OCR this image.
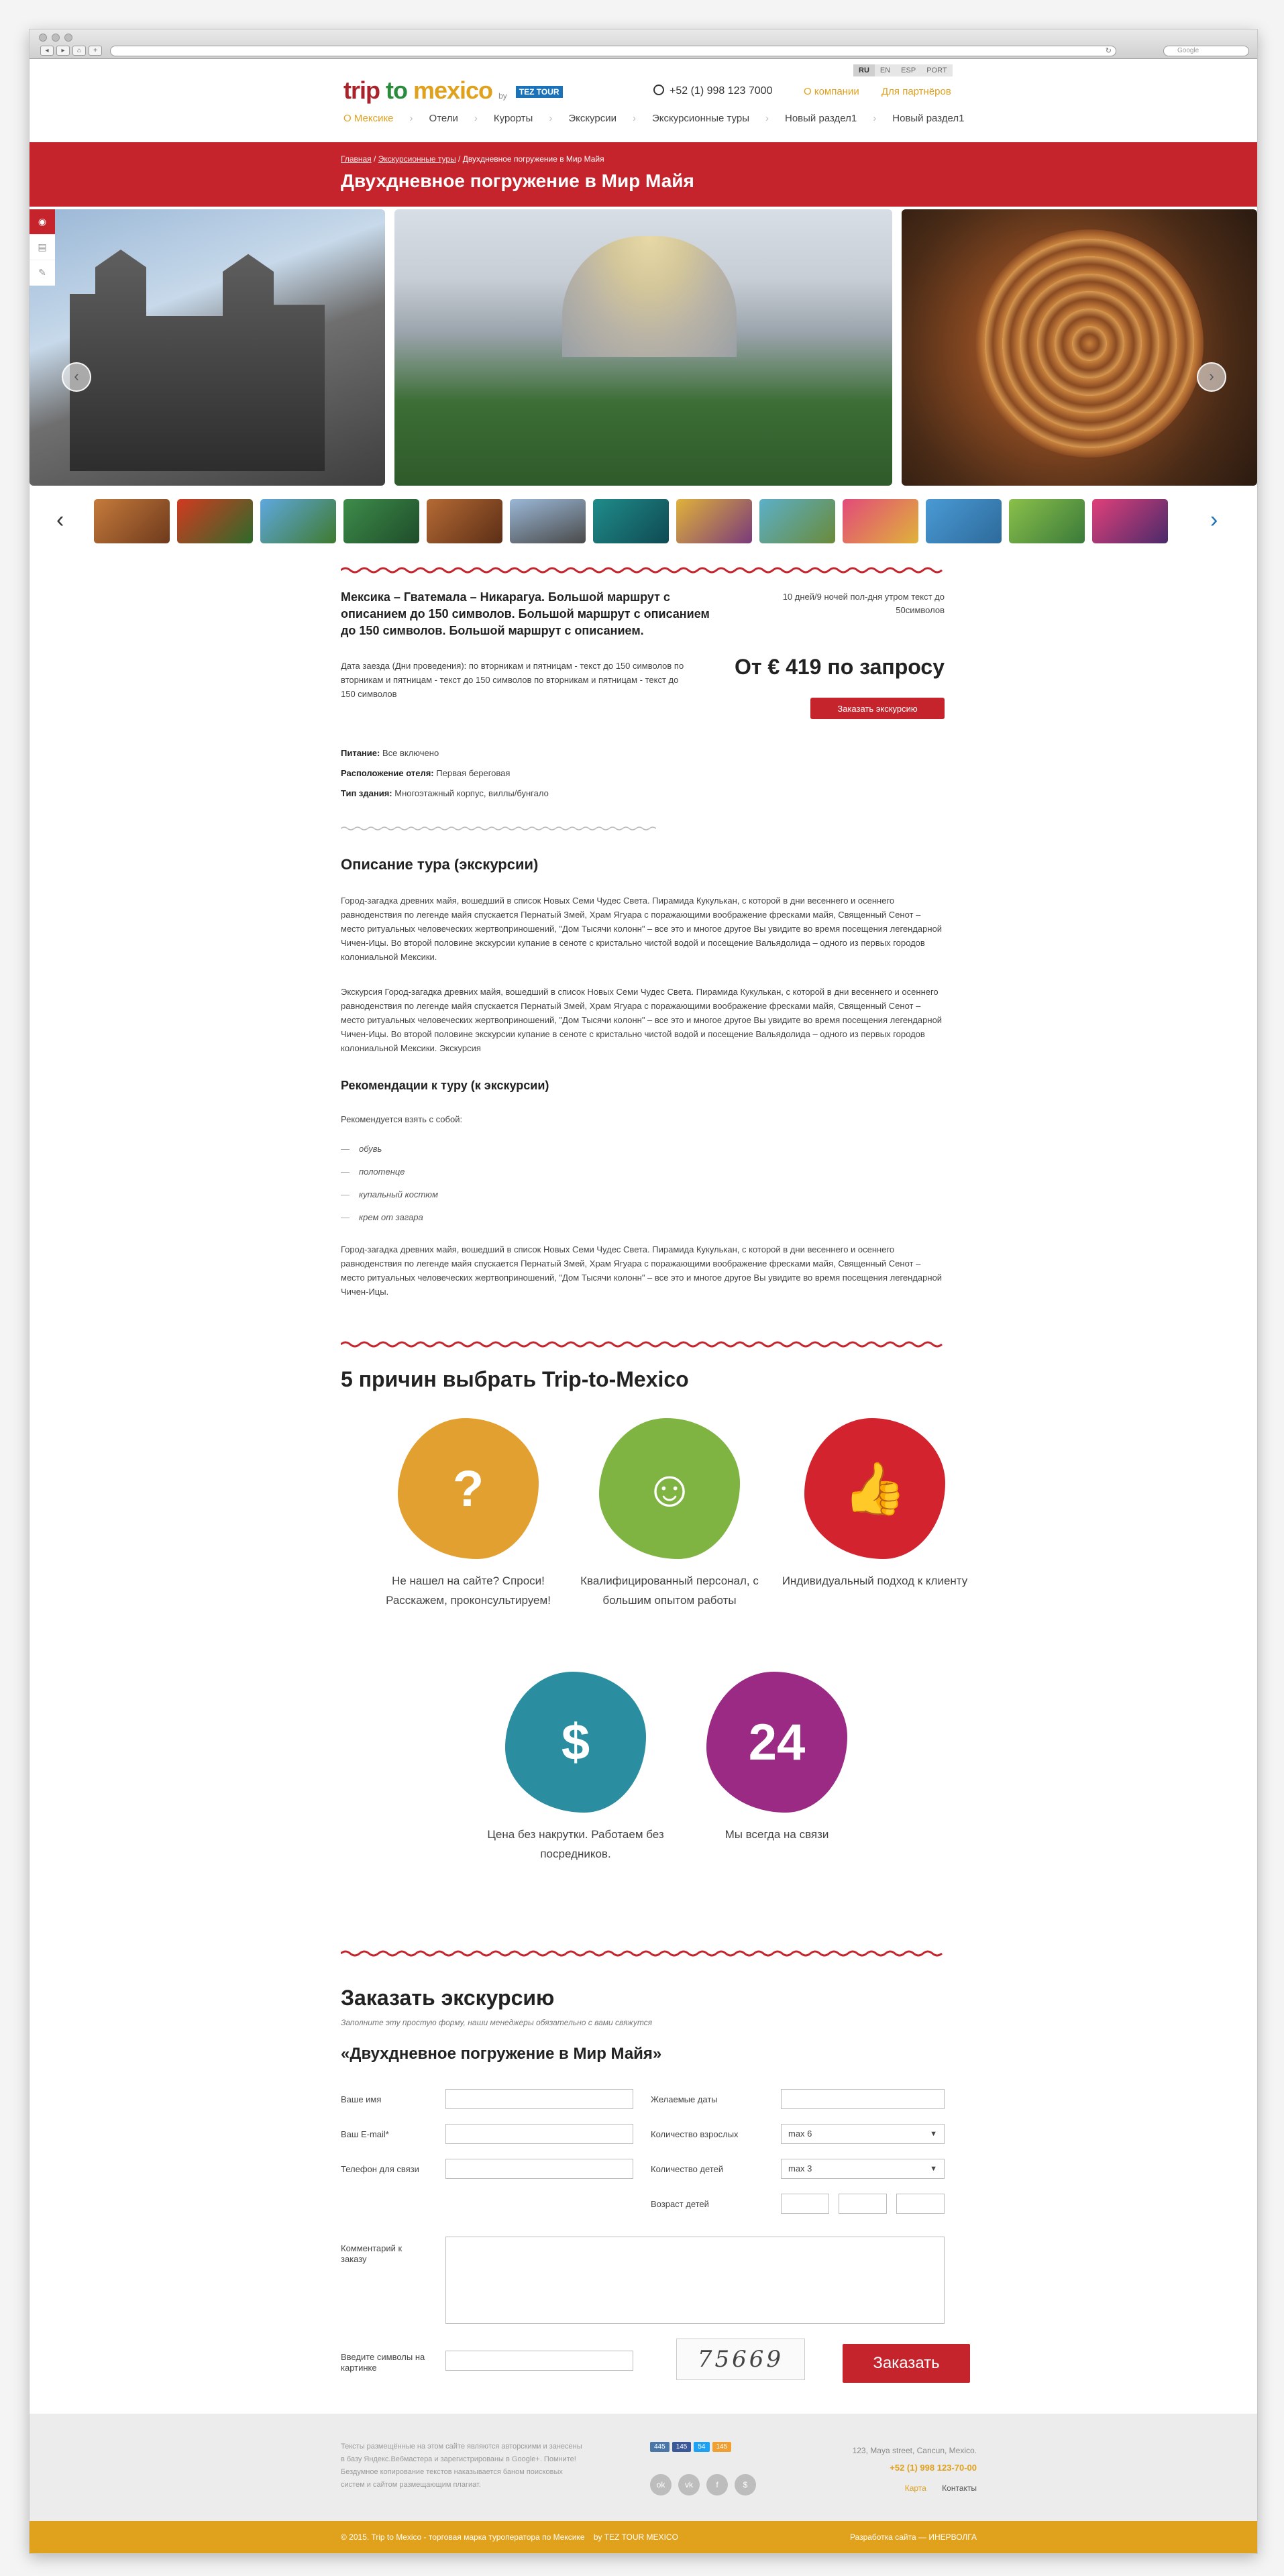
◂	▸	⌂	+	↻	Google
RU	EN	ESP	PORT
trip to mexico by TEZ TOUR	+52 (1) 998 123 7000	О компании Для партнёров
О Мексике › Отели › Курорты › Экскурсии › Экскурсионные туры › Новый раздел1 › Новый раздел1
Главная / Экскурсионные туры / Двухдневное погружение в Мир Майя
Двухдневное погружение в Мир Майя
◉
▤
✎
‹	›
‹	›
Мексика – Гватемала – Никарагуа. Большой маршрут с описанием до 150 символов. Большой маршрут с описанием до 150 символов. Большой маршрут с описанием.
10 дней/9 ночей пол-дня утром текст до 50символов
Дата заезда (Дни проведения): по вторникам и пятницам - текст до 150 символов по вторникам и пятницам - текст до 150 символов по вторникам и пятницам - текст до 150 символов
От € 419 по запросу
Заказать экскурсию
Питание: Все включено
Расположение отеля: Первая береговая
Тип здания: Многоэтажный корпус, виллы/бунгало
Описание тура (экскурсии)

Город-загадка древних майя, вошедший в список Новых Семи Чудес Света. Пирамида Кукулькан, с которой в дни весеннего и осеннего равноденствия по легенде майя спускается Пернатый Змей, Храм Ягуара с поражающими воображение фресками майя, Священный Сенот – место ритуальных человеческих жертвоприношений, "Дом Тысячи колонн" – все это и многое другое Вы увидите во время посещения легендарной Чичен-Ицы. Во второй половине экскурсии купание в сеноте с кристально чистой водой и посещение Вальядолида – одного из первых городов колониальной Мексики.

Экскурсия Город-загадка древних майя, вошедший в список Новых Семи Чудес Света. Пирамида Кукулькан, с которой в дни весеннего и осеннего равноденствия по легенде майя спускается Пернатый Змей, Храм Ягуара с поражающими воображение фресками майя, Священный Сенот – место ритуальных человеческих жертвоприношений, "Дом Тысячи колонн" – все это и многое другое Вы увидите во время посещения легендарной Чичен-Ицы. Во второй половине экскурсии купание в сеноте с кристально чистой водой и посещение Вальядолида – одного из первых городов колониальной Мексики. Экскурсия

Рекомендации к туру (к экскурсии)

Рекомендуется взять с собой:

— обувь
— полотенце
— купальный костюм
— крем от загара

Город-загадка древних майя, вошедший в список Новых Семи Чудес Света. Пирамида Кукулькан, с которой в дни весеннего и осеннего равноденствия по легенде майя спускается Пернатый Змей, Храм Ягуара с поражающими воображение фресками майя, Священный Сенот – место ритуальных человеческих жертвоприношений, "Дом Тысячи колонн" – все это и многое другое Вы увидите во время посещения легендарной Чичен-Ицы.

5 причин выбрать Trip-to-Mexico
?

Не нашел на сайте? Спроси! Расскажем, проконсультируем!

☺

Квалифицированный персонал, с большим опытом работы

👍

Индивидуальный подход к клиенту

$

Цена без накрутки. Работаем без посредников.

24

Мы всегда на связи

Заказать экскурсию
Заполните эту простую форму, наши менеджеры обязательно с вами свяжутся
«Двухдневное погружение в Мир Майя»
Ваше имя
Ваш E-mail*
Телефон для связи
Желаемые даты
Количество взрослых	max 6	▼
Количество детей	max 3	▼
Возраст детей
Комментарий к заказу
Введите символы на картинке	75669	Заказать
Тексты размещённые на этом сайте являются авторскими и занесены в базу Яндекс.Вебмастера и зарегистрированы в Google+. Помните! Бездумное копирование текстов наказывается баном поисковых систем и сайтом размещающим плагиат.
445	145	54	145
ok	vk	f	$
123, Maya street, Cancun, Mexico.
+52 (1) 998 123-70-00
Карта Контакты
© 2015. Trip to Mexico - торговая марка туроператора по Мексике by TEZ TOUR MEXICO	Разработка сайта — ИНЕРВОЛГА
